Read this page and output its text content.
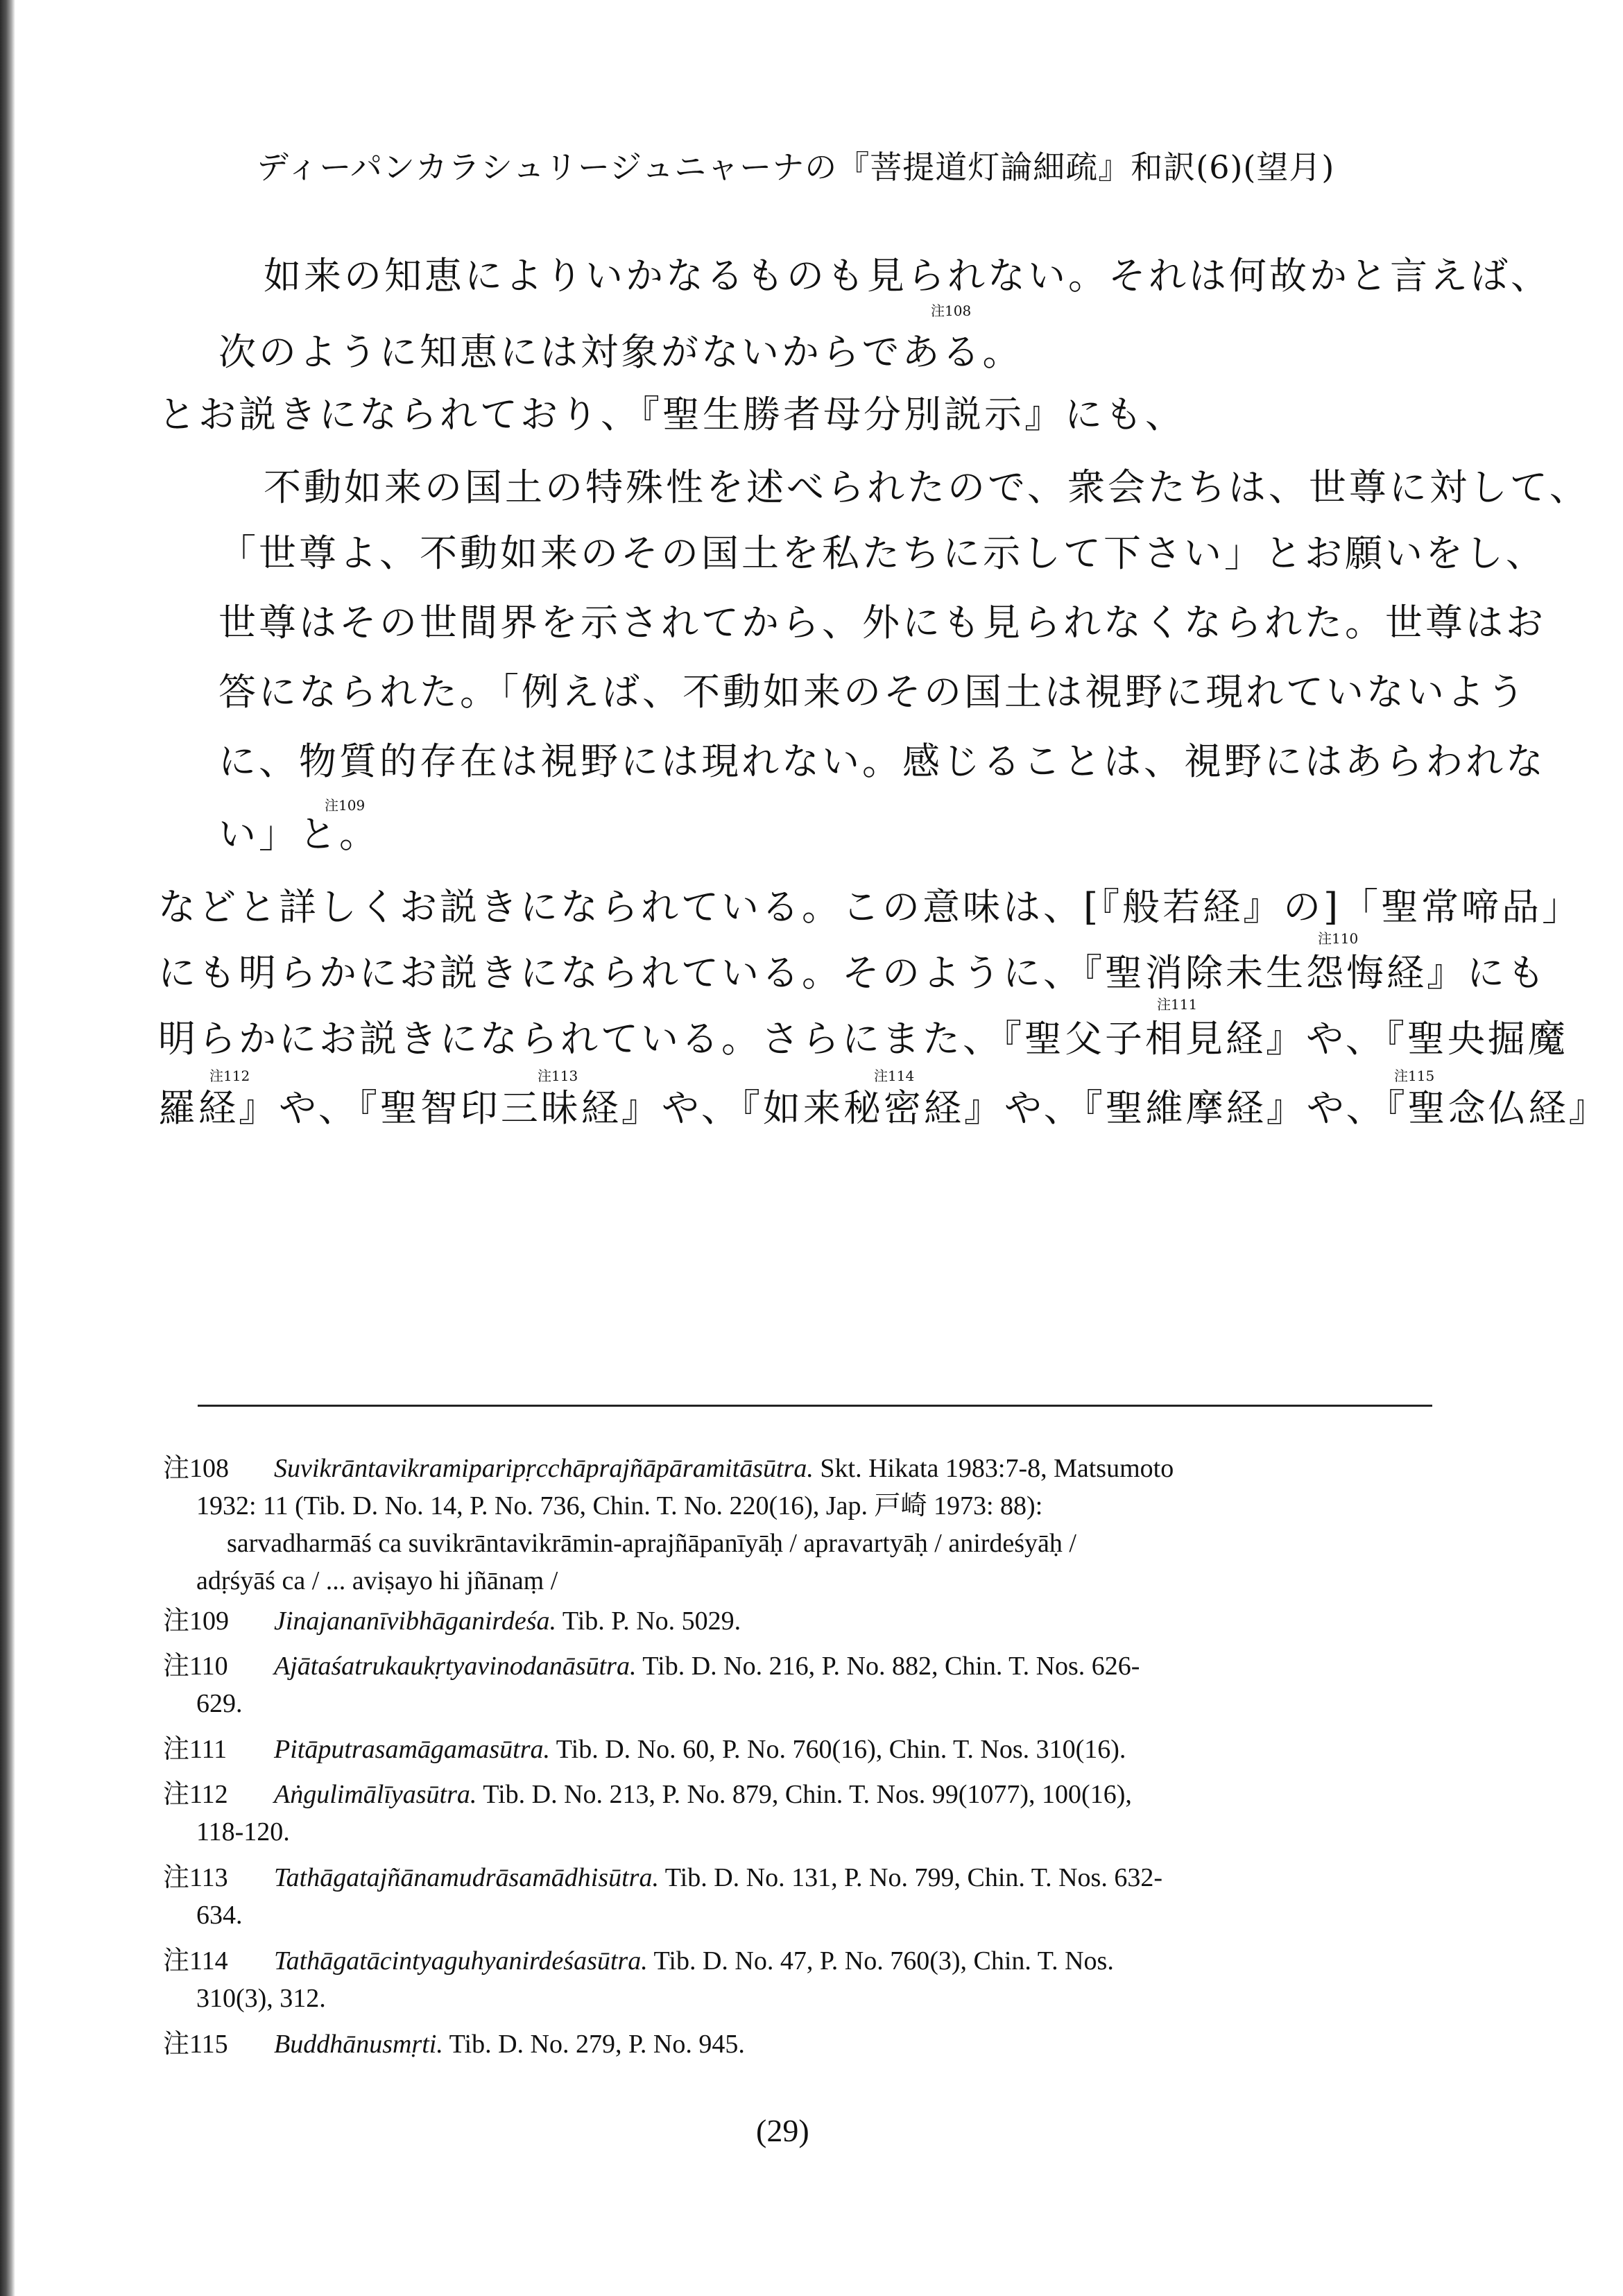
ディーパンカラシュリージュニャーナの『菩提道灯論細疏』和訳(6)(望月)
如来の知恵によりいかなるものも見られない。それは何故かと言えば、
次のように知恵には対象がないからである。
注108
とお説きになられており、『聖生勝者母分別説示』にも、
不動如来の国土の特殊性を述べられたので、衆会たちは、世尊に対して、
「世尊よ、不動如来のその国土を私たちに示して下さい」とお願いをし、
世尊はその世間界を示されてから、外にも見られなくなられた。世尊はお
答になられた。「例えば、不動如来のその国土は視野に現れていないよう
に、物質的存在は視野には現れない。感じることは、視野にはあらわれな
注109
い」と。
などと詳しくお説きになられている。この意味は、[『般若経』の]「聖常啼品」
注110
にも明らかにお説きになられている。そのように、『聖消除未生怨悔経』にも
注111
明らかにお説きになられている。さらにまた、『聖父子相見経』や、『聖央掘魔
注112	注113	注114	注115
羅経』や、『聖智印三昧経』や、『如来秘密経』や、『聖維摩経』や、『聖念仏経』
注108 Suvikrāntavikramiparipṛcchāprajñāpāramitāsūtra. Skt. Hikata 1983:7-8, Matsumoto
1932: 11 (Tib. D. No. 14, P. No. 736, Chin. T. No. 220(16), Jap. 戸崎 1973: 88):
sarvadharmāś ca suvikrāntavikrāmin-aprajñāpanīyāḥ / apravartyāḥ / anirdeśyāḥ /
adṛśyāś ca / ... aviṣayo hi jñānaṃ /
注109 Jinajananīvibhāganirdeśa. Tib. P. No. 5029.
注110 Ajātaśatrukaukṛtyavinodanāsūtra. Tib. D. No. 216, P. No. 882, Chin. T. Nos. 626-
629.
注111 Pitāputrasamāgamasūtra. Tib. D. No. 60, P. No. 760(16), Chin. T. Nos. 310(16).
注112 Aṅgulimālīyasūtra. Tib. D. No. 213, P. No. 879, Chin. T. Nos. 99(1077), 100(16),
118-120.
注113 Tathāgatajñānamudrāsamādhisūtra. Tib. D. No. 131, P. No. 799, Chin. T. Nos. 632-
634.
注114 Tathāgatācintyaguhyanirdeśasūtra. Tib. D. No. 47, P. No. 760(3), Chin. T. Nos.
310(3), 312.
注115 Buddhānusmṛti. Tib. D. No. 279, P. No. 945.
(29)
